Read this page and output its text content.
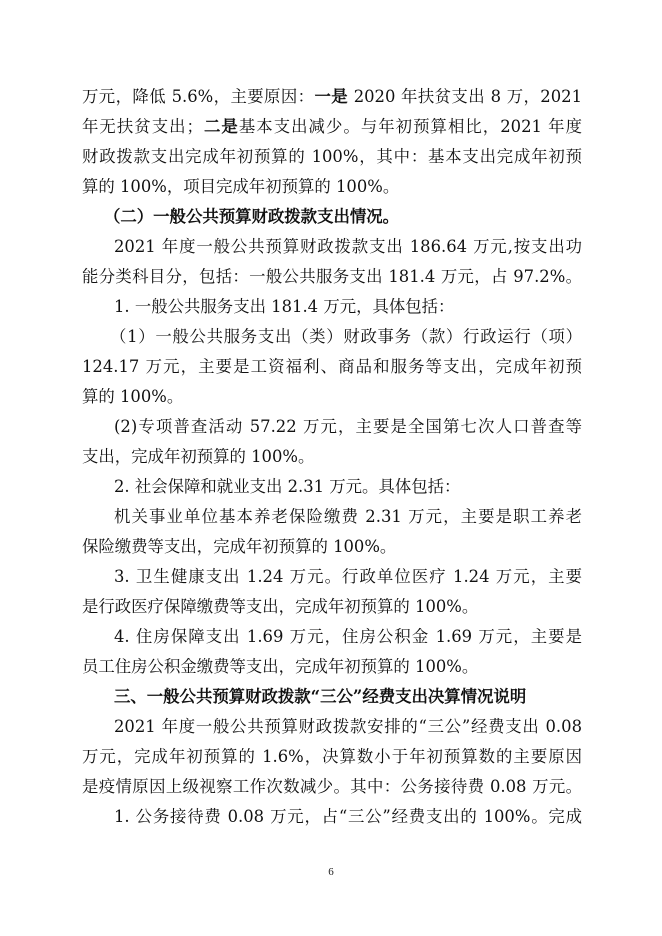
万元，降低 5.6%，主要原因：一是 2020 年扶贫支出 8 万，2021
年无扶贫支出；二是基本支出减少。与年初预算相比，2021 年度
财政拨款支出完成年初预算的 100%，其中：基本支出完成年初预
算的 100%，项目完成年初预算的 100%。
（二）一般公共预算财政拨款支出情况。
2021 年度一般公共预算财政拨款支出 186.64 万元,按支出功
能分类科目分，包括：一般公共服务支出 181.4 万元，占 97.2%。
1. 一般公共服务支出 181.4 万元，具体包括：
（1）一般公共服务支出（类）财政事务（款）行政运行（项）
124.17 万元，主要是工资福利、商品和服务等支出，完成年初预
算的 100%。
(2)专项普查活动 57.22 万元，主要是全国第七次人口普查等
支出，完成年初预算的 100%。
2. 社会保障和就业支出 2.31 万元。具体包括：
机关事业单位基本养老保险缴费 2.31 万元，主要是职工养老
保险缴费等支出，完成年初预算的 100%。
3. 卫生健康支出 1.24 万元。行政单位医疗 1.24 万元，主要
是行政医疗保障缴费等支出，完成年初预算的 100%。
4. 住房保障支出 1.69 万元，住房公积金 1.69 万元，主要是
员工住房公积金缴费等支出，完成年初预算的 100%。
三、一般公共预算财政拨款“三公”经费支出决算情况说明
2021 年度一般公共预算财政拨款安排的“三公”经费支出 0.08
万元，完成年初预算的 1.6%，决算数小于年初预算数的主要原因
是疫情原因上级视察工作次数减少。其中：公务接待费 0.08 万元。
1. 公务接待费 0.08 万元，占“三公”经费支出的 100%。完成
6
